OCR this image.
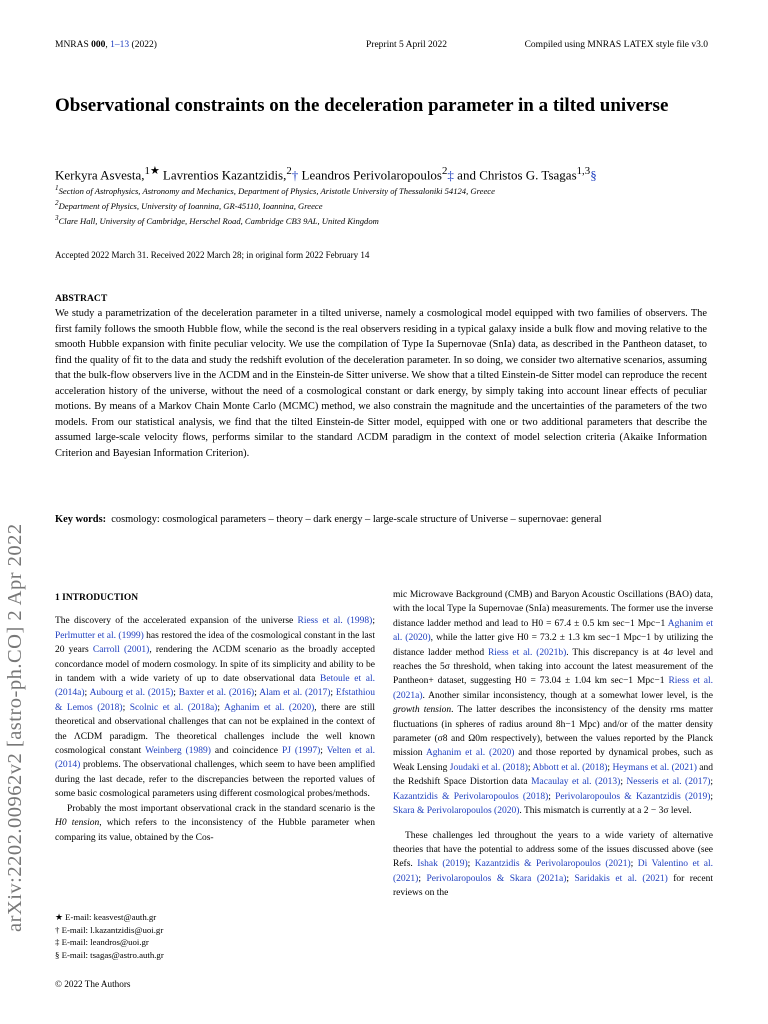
MNRAS 000, 1–13 (2022)	Preprint 5 April 2022	Compiled using MNRAS LATEX style file v3.0
Observational constraints on the deceleration parameter in a tilted universe
Kerkyra Asvesta,$^{1★}$ Lavrentios Kazantzidis,$^2$† Leandros Perivolaropoulos$^2$‡ and Christos G. Tsagas$^{1,3}$§
$^1$Section of Astrophysics, Astronomy and Mechanics, Department of Physics, Aristotle University of Thessaloniki 54124, Greece
$^2$Department of Physics, University of Ioannina, GR-45110, Ioannina, Greece
$^3$Clare Hall, University of Cambridge, Herschel Road, Cambridge CB3 9AL, United Kingdom
Accepted 2022 March 31. Received 2022 March 28; in original form 2022 February 14
ABSTRACT
We study a parametrization of the deceleration parameter in a tilted universe, namely a cosmological model equipped with two families of observers. The first family follows the smooth Hubble flow, while the second is the real observers residing in a typical galaxy inside a bulk flow and moving relative to the smooth Hubble expansion with finite peculiar velocity. We use the compilation of Type Ia Supernovae (SnIa) data, as described in the Pantheon dataset, to find the quality of fit to the data and study the redshift evolution of the deceleration parameter. In so doing, we consider two alternative scenarios, assuming that the bulk-flow observers live in the ΛCDM and in the Einstein-de Sitter universe. We show that a tilted Einstein-de Sitter model can reproduce the recent acceleration history of the universe, without the need of a cosmological constant or dark energy, by simply taking into account linear effects of peculiar motions. By means of a Markov Chain Monte Carlo (MCMC) method, we also constrain the magnitude and the uncertainties of the parameters of the two models. From our statistical analysis, we find that the tilted Einstein-de Sitter model, equipped with one or two additional parameters that describe the assumed large-scale velocity flows, performs similar to the standard ΛCDM paradigm in the context of model selection criteria (Akaike Information Criterion and Bayesian Information Criterion).
Key words: cosmology: cosmological parameters – theory – dark energy – large-scale structure of Universe – supernovae: general
arXiv:2202.00962v2 [astro-ph.CO] 2 Apr 2022	1 INTRODUCTION

The discovery of the accelerated expansion of the universe Riess et al. (1998); Perlmutter et al. (1999) has restored the idea of the cosmological constant in the last 20 years Carroll (2001), rendering the ΛCDM scenario as the broadly accepted concordance model of modern cosmology. In spite of its simplicity and ability to be in tandem with a wide variety of up to date observational data Betoule et al. (2014a); Aubourg et al. (2015); Baxter et al. (2016); Alam et al. (2017); Efstathiou & Lemos (2018); Scolnic et al. (2018a); Aghanim et al. (2020), there are still theoretical and observational challenges that can not be explained in the context of the ΛCDM paradigm. The theoretical challenges include the well known cosmological constant Weinberg (1989) and coincidence PJ (1997); Velten et al. (2014) problems. The observational challenges, which seem to have been amplified during the last decade, refer to the discrepancies between the reported values of some basic cosmological parameters using different cosmological probes/methods.

Probably the most important observational crack in the standard scenario is the H0 tension, which refers to the inconsistency of the Hubble parameter when comparing its value, obtained by the Cos-

mic Microwave Background (CMB) and Baryon Acoustic Oscillations (BAO) data, with the local Type Ia Supernovae (SnIa) measurements. The former use the inverse distance ladder method and lead to H0 = 67.4 ± 0.5 km sec−1 Mpc−1 Aghanim et al. (2020), while the latter give H0 = 73.2 ± 1.3 km sec−1 Mpc−1 by utilizing the distance ladder method Riess et al. (2021b). This discrepancy is at 4σ level and reaches the 5σ threshold, when taking into account the latest measurement of the Pantheon+ dataset, suggesting H0 = 73.04 ± 1.04 km sec−1 Mpc−1 Riess et al. (2021a). Another similar inconsistency, though at a somewhat lower level, is the growth tension. The latter describes the inconsistency of the density rms matter fluctuations (in spheres of radius around 8h−1 Mpc) and/or of the matter density parameter (σ8 and Ω0m respectively), between the values reported by the Planck mission Aghanim et al. (2020) and those reported by dynamical probes, such as Weak Lensing Joudaki et al. (2018); Abbott et al. (2018); Heymans et al. (2021) and the Redshift Space Distortion data Macaulay et al. (2013); Nesseris et al. (2017); Kazantzidis & Perivolaropoulos (2018); Perivolaropoulos & Kazantzidis (2019); Skara & Perivolaropoulos (2020). This mismatch is currently at a 2 − 3σ level.

These challenges led throughout the years to a wide variety of alternative theories that have the potential to address some of the issues discussed above (see Refs. Ishak (2019); Kazantzidis & Perivolaropoulos (2021); Di Valentino et al. (2021); Perivolaropoulos & Skara (2021a); Saridakis et al. (2021) for recent reviews on the

★ E-mail: keasvest@auth.gr
† E-mail: l.kazantzidis@uoi.gr
‡ E-mail: leandros@uoi.gr
§ E-mail: tsagas@astro.auth.gr
© 2022 The Authors
